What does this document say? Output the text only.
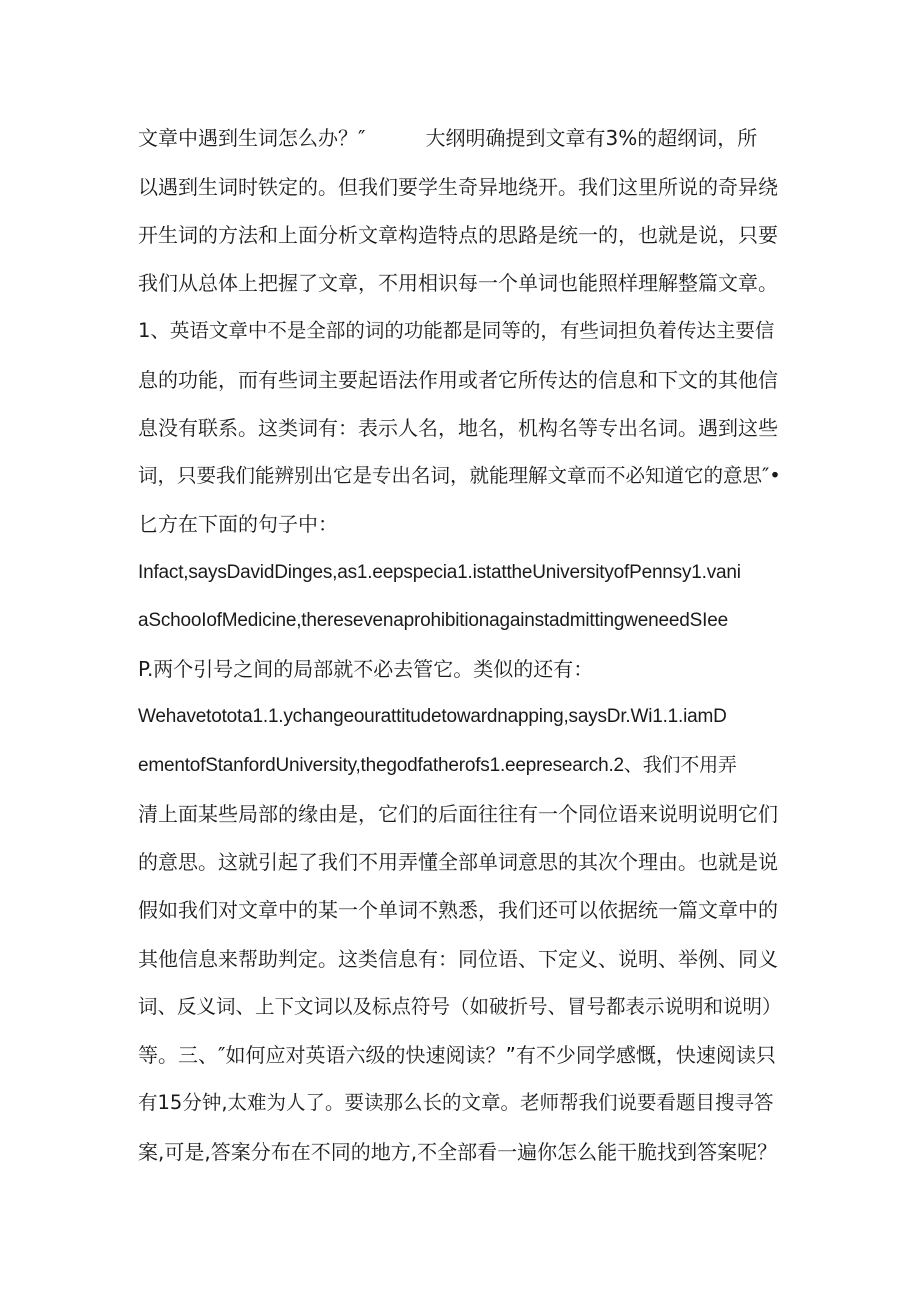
文章中遇到生词怎么办？″　　　大纲明确提到文章有3%的超纲词，所
以遇到生词时铁定的。但我们要学生奇异地绕开。我们这里所说的奇异绕
开生词的方法和上面分析文章构造特点的思路是统一的，也就是说，只要
我们从总体上把握了文章，不用相识每一个单词也能照样理解整篇文章。
1、英语文章中不是全部的词的功能都是同等的，有些词担负着传达主要信
息的功能，而有些词主要起语法作用或者它所传达的信息和下文的其他信
息没有联系。这类词有：表示人名，地名，机构名等专出名词。遇到这些
词，只要我们能辨别出它是专出名词，就能理解文章而不必知道它的意思″•
匕方在下面的句子中：
Infact,saysDavidDinges,as1.eepspecia1.istattheUniversityofPennsy1.vani
aSchooIofMedicine,theresevenaprohibitionagainstadmittingweneedSIee
P.两个引号之间的局部就不必去管它。类似的还有：
Wehavetotota1.1.ychangeourattitudetowardnapping,saysDr.Wi1.1.iamD
ementofStanfordUniversity,thegodfatherofs1.eepresearch.2、我们不用弄
清上面某些局部的缘由是，它们的后面往往有一个同位语来说明说明它们
的意思。这就引起了我们不用弄懂全部单词意思的其次个理由。也就是说
假如我们对文章中的某一个单词不熟悉，我们还可以依据统一篇文章中的
其他信息来帮助判定。这类信息有：同位语、下定义、说明、举例、同义
词、反义词、上下文词以及标点符号（如破折号、冒号都表示说明和说明）
等。三、″如何应对英语六级的快速阅读？”有不少同学感慨，快速阅读只
有15分钟,太难为人了。要读那么长的文章。老师帮我们说要看题目搜寻答
案,可是,答案分布在不同的地方,不全部看一遍你怎么能干脆找到答案呢？
